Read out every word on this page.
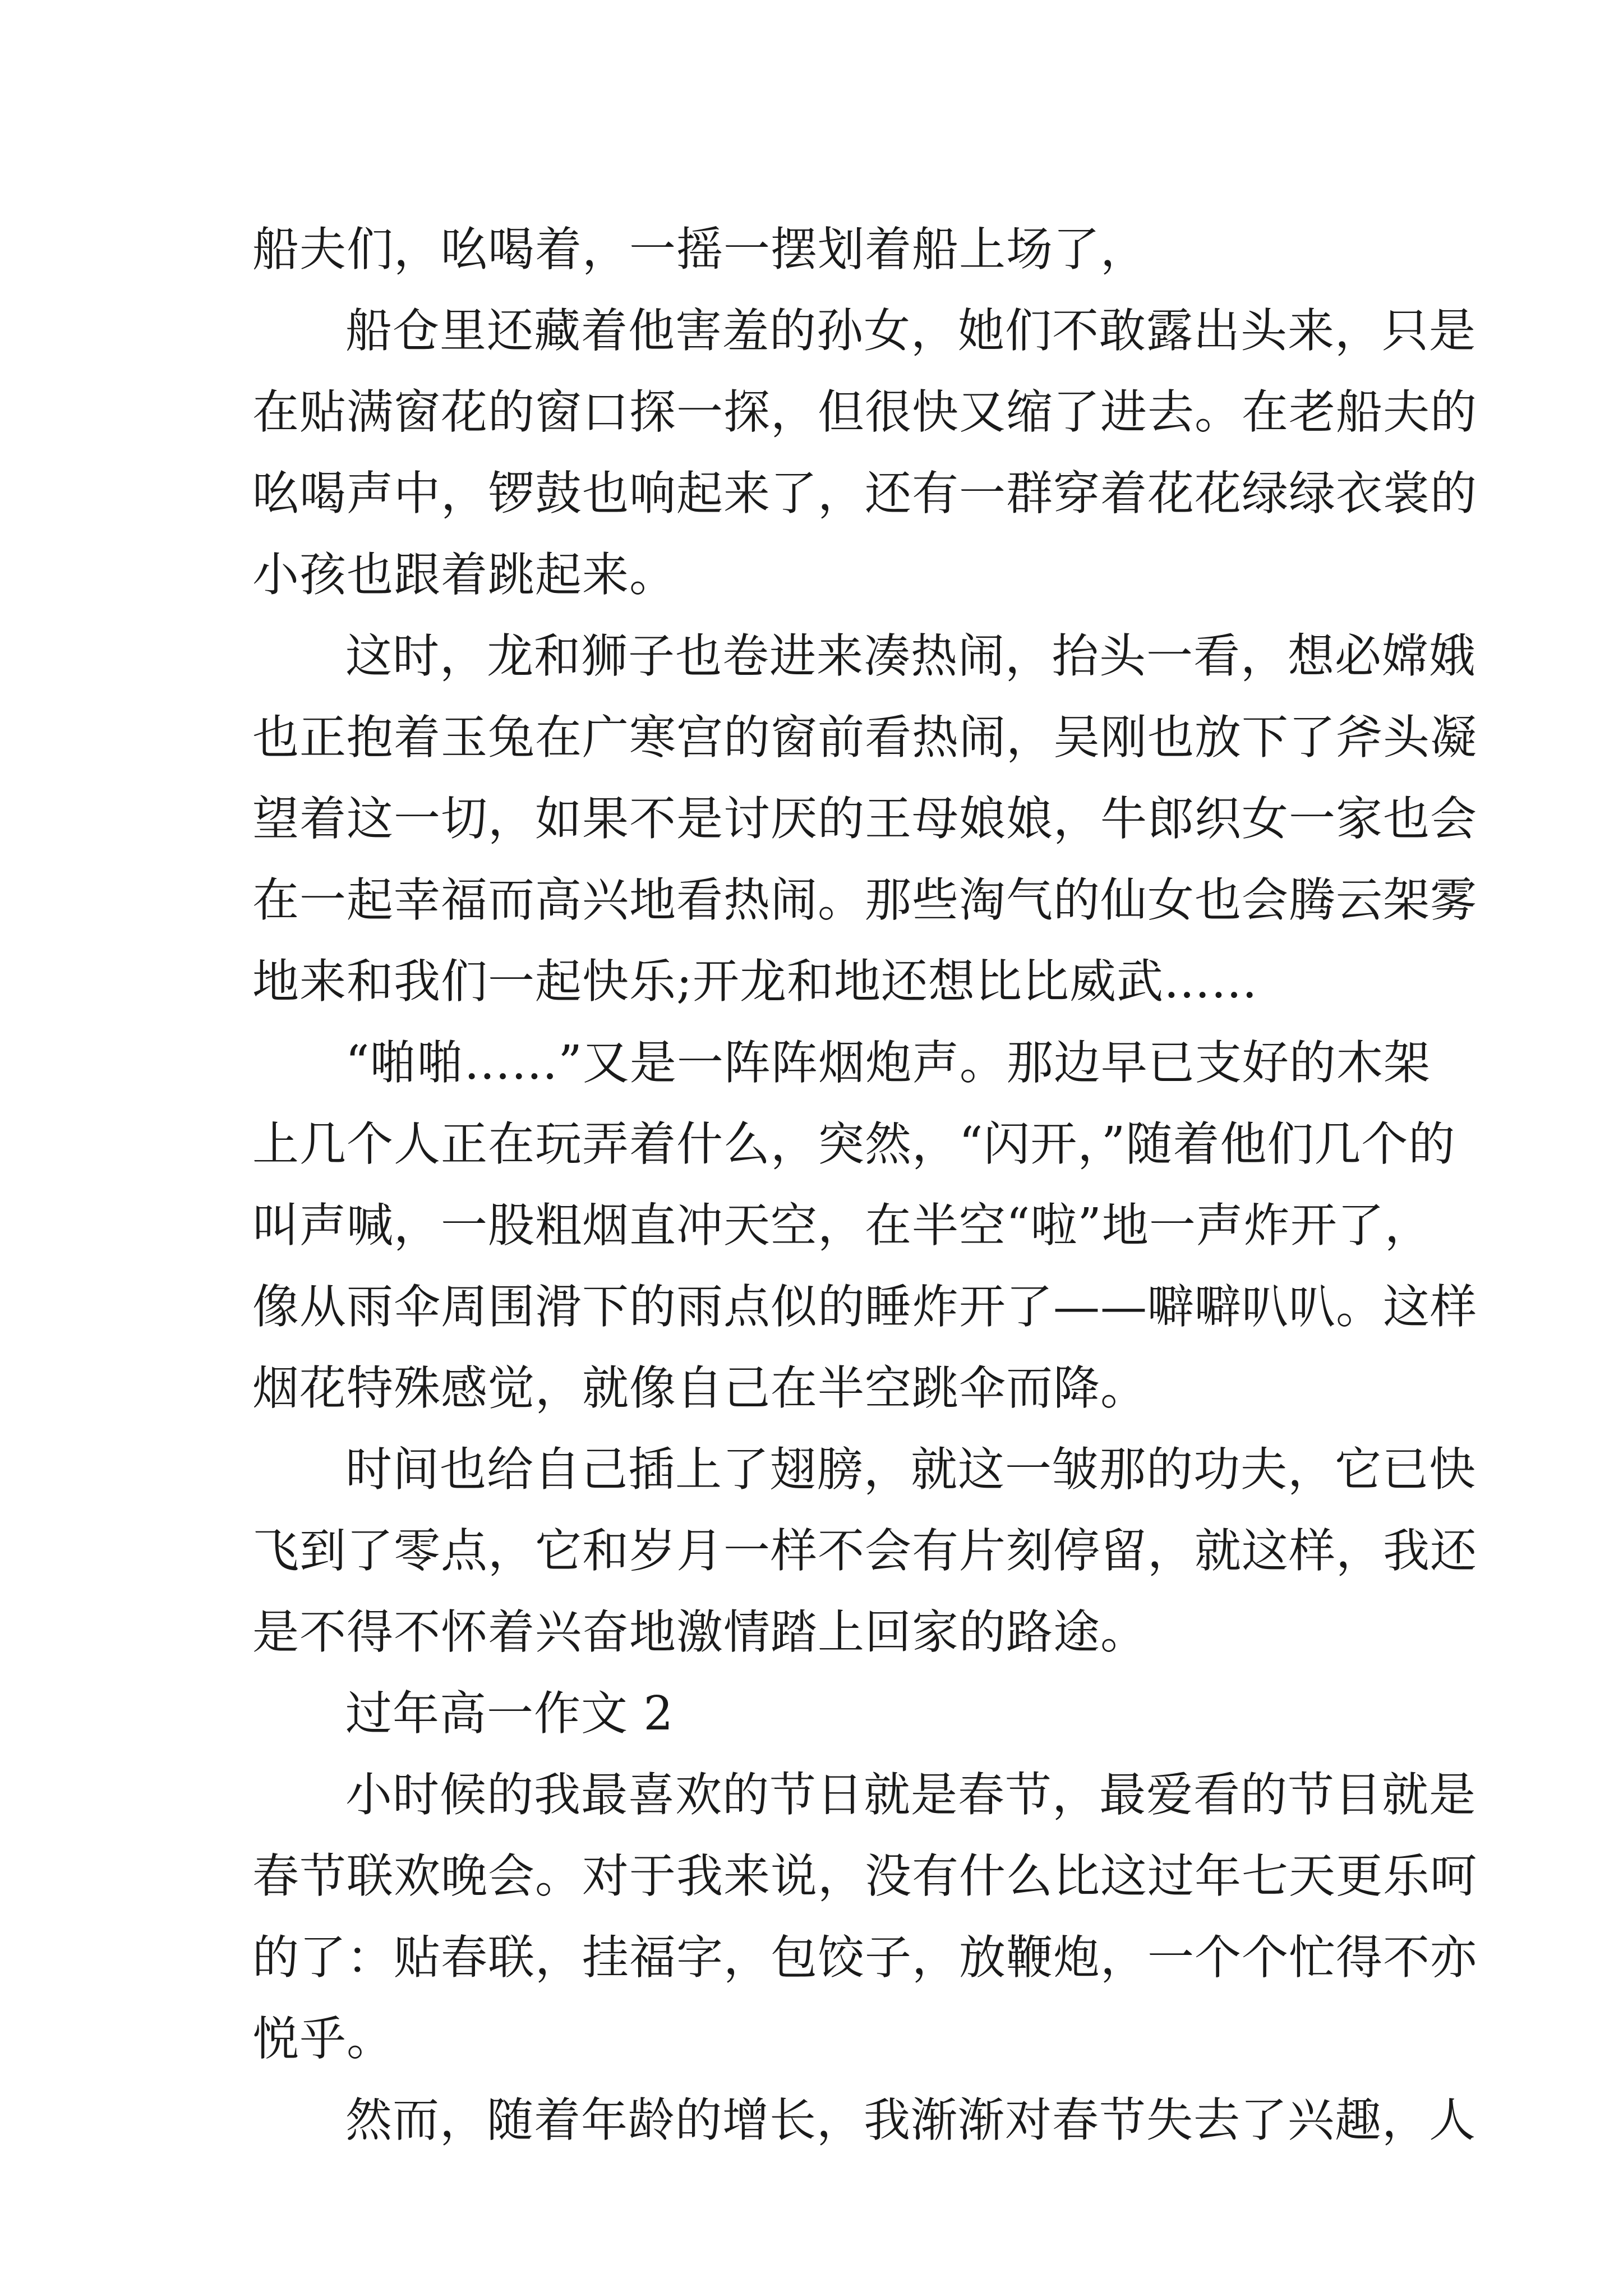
船夫们，吆喝着，一摇一摆划着船上场了，
船仓里还藏着他害羞的孙女，她们不敢露出头来，只是
在贴满窗花的窗口探一探，但很快又缩了进去。在老船夫的
吆喝声中，锣鼓也响起来了，还有一群穿着花花绿绿衣裳的
小孩也跟着跳起来。
这时，龙和狮子也卷进来凑热闹，抬头一看，想必嫦娥
也正抱着玉兔在广寒宫的窗前看热闹，吴刚也放下了斧头凝
望着这一切，如果不是讨厌的王母娘娘，牛郎织女一家也会
在一起幸福而高兴地看热闹。那些淘气的仙女也会腾云架雾
地来和我们一起快乐;开龙和地还想比比威武……
“啪啪……”又是一阵阵烟炮声。那边早已支好的木架
上几个人正在玩弄着什么，突然，“闪开，”随着他们几个的
叫声喊，一股粗烟直冲天空，在半空“啦”地一声炸开了，
像从雨伞周围滑下的雨点似的睡炸开了——噼噼叭叭。这样
烟花特殊感觉，就像自己在半空跳伞而降。
时间也给自己插上了翅膀，就这一皱那的功夫，它已快
飞到了零点，它和岁月一样不会有片刻停留，就这样，我还
是不得不怀着兴奋地激情踏上回家的路途。
过年高一作文 2
小时候的我最喜欢的节日就是春节，最爱看的节目就是
春节联欢晚会。对于我来说，没有什么比这过年七天更乐呵
的了：贴春联，挂福字，包饺子，放鞭炮，一个个忙得不亦
悦乎。
然而，随着年龄的增长，我渐渐对春节失去了兴趣，人
